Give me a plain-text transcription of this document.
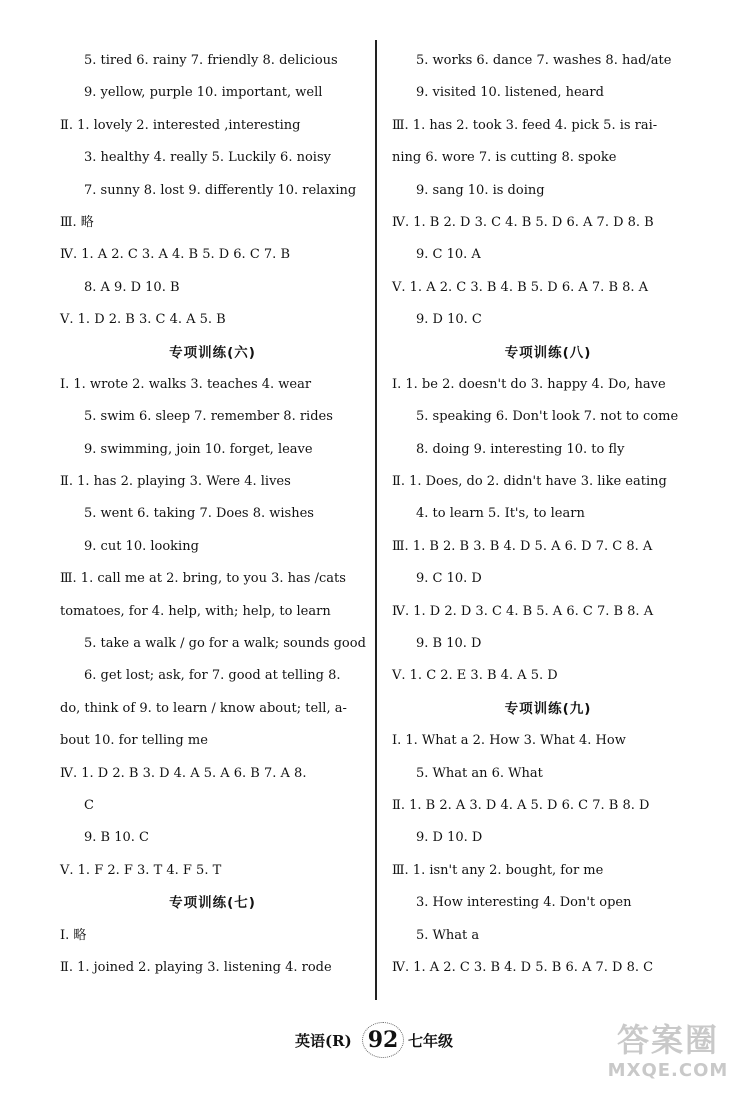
5. tired 6. rainy 7. friendly 8. delicious
9. yellow, purple 10. important, well
Ⅱ. 1. lovely 2. interested ,interesting
3. healthy 4. really 5. Luckily 6. noisy
7. sunny 8. lost 9. differently 10. relaxing
Ⅲ. 略
Ⅳ. 1. A 2. C 3. A 4. B 5. D 6. C 7. B
8. A 9. D 10. B
Ⅴ. 1. D 2. B 3. C 4. A 5. B
专项训练(六)
Ⅰ. 1. wrote 2. walks 3. teaches 4. wear
5. swim 6. sleep 7. remember 8. rides
9. swimming, join 10. forget, leave
Ⅱ. 1. has 2. playing 3. Were 4. lives
5. went 6. taking 7. Does 8. wishes
9. cut 10. looking
Ⅲ. 1. call me at 2. bring, to you 3. has /cats
tomatoes, for 4. help, with; help, to learn
5. take a walk / go for a walk; sounds good
6. get lost; ask, for 7. good at telling 8.
do, think of 9. to learn / know about; tell, a-
bout 10. for telling me
Ⅳ. 1. D 2. B 3. D 4. A 5. A 6. B 7. A 8.
C
9. B 10. C
Ⅴ. 1. F 2. F 3. T 4. F 5. T
专项训练(七)
Ⅰ. 略
Ⅱ. 1. joined 2. playing 3. listening 4. rode
5. works 6. dance 7. washes 8. had/ate
9. visited 10. listened, heard
Ⅲ. 1. has 2. took 3. feed 4. pick 5. is rai-
ning 6. wore 7. is cutting 8. spoke
9. sang 10. is doing
Ⅳ. 1. B 2. D 3. C 4. B 5. D 6. A 7. D 8. B
9. C 10. A
Ⅴ. 1. A 2. C 3. B 4. B 5. D 6. A 7. B 8. A
9. D 10. C
专项训练(八)
Ⅰ. 1. be 2. doesn't do 3. happy 4. Do, have
5. speaking 6. Don't look 7. not to come
8. doing 9. interesting 10. to fly
Ⅱ. 1. Does, do 2. didn't have 3. like eating
4. to learn 5. It's, to learn
Ⅲ. 1. B 2. B 3. B 4. D 5. A 6. D 7. C 8. A
9. C 10. D
Ⅳ. 1. D 2. D 3. C 4. B 5. A 6. C 7. B 8. A
9. B 10. D
Ⅴ. 1. C 2. E 3. B 4. A 5. D
专项训练(九)
Ⅰ. 1. What a 2. How 3. What 4. How
5. What an 6. What
Ⅱ. 1. B 2. A 3. D 4. A 5. D 6. C 7. B 8. D
9. D 10. D
Ⅲ. 1. isn't any 2. bought, for me
3. How interesting 4. Don't open
5. What a
Ⅳ. 1. A 2. C 3. B 4. D 5. B 6. A 7. D 8. C
英语(R) 92 七年级	答案圈
MXQE.COM
